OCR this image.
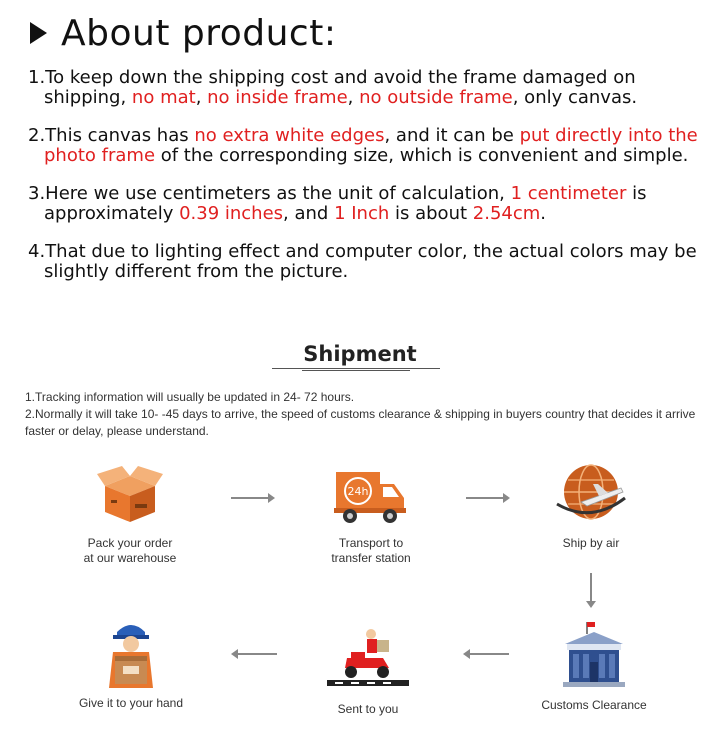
About product:
1.To keep down the shipping cost and avoid the frame damaged on shipping, no mat, no inside frame, no outside frame, only canvas.
2.This canvas has no extra white edges, and it can be put directly into the photo frame of the corresponding size, which is convenient and simple.
3.Here we use centimeters as the unit of calculation, 1 centimeter is approximately 0.39 inches, and 1 Inch is about 2.54cm.
4.That due to lighting effect and computer color, the actual colors may be slightly different from the picture.
Shipment
1.Tracking information will usually be updated in 24- 72 hours.
2.Normally it will take 10- -45 days to arrive, the speed of customs clearance & shipping in buyers country that decides it arrive faster or delay, please understand.
Pack your order
at our warehouse
24h
Transport to
transfer station
Ship by air
Customs Clearance
Sent to you
Give it to your hand
